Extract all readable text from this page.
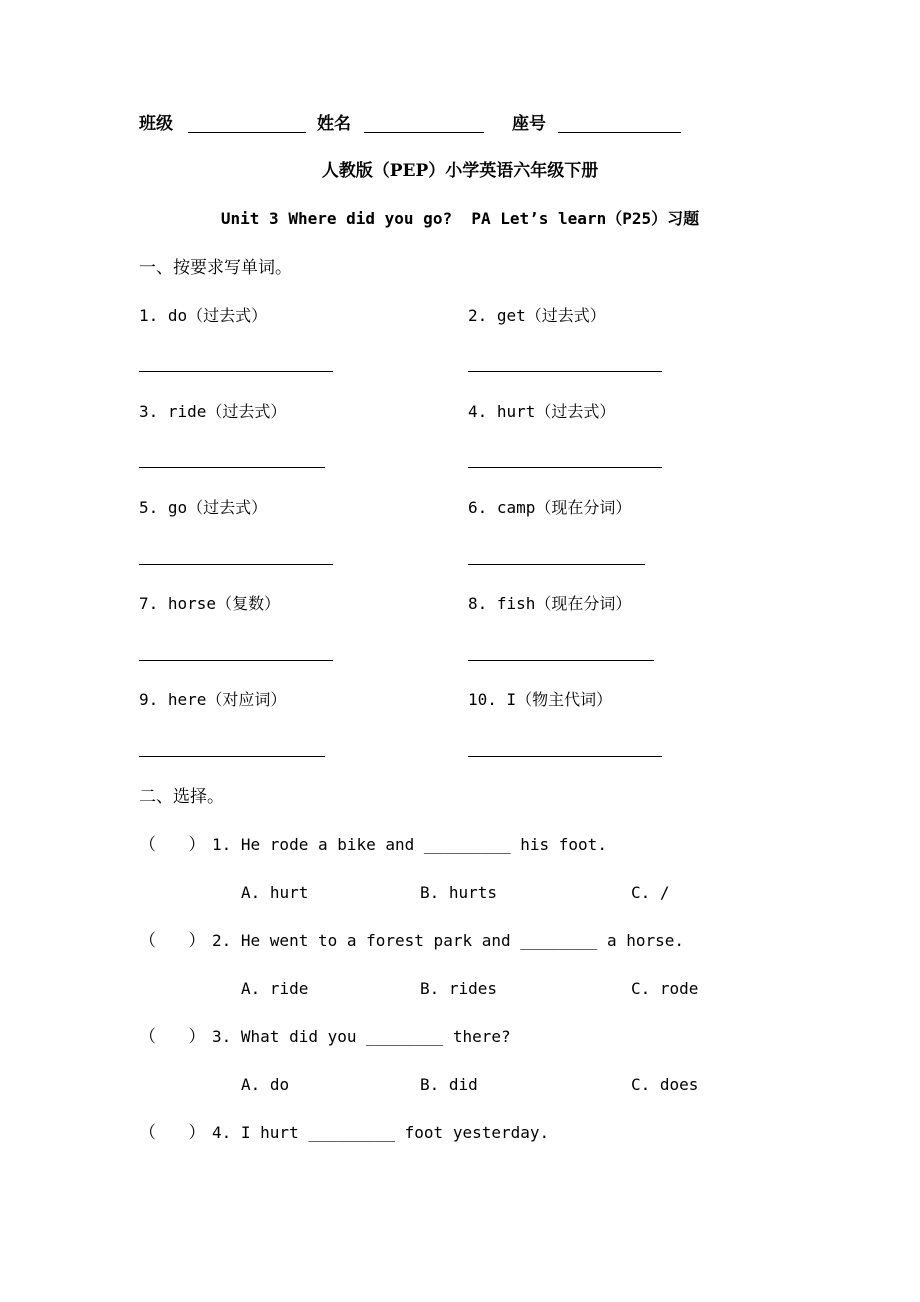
班级	姓名	座号
人教版（PEP）小学英语六年级下册
Unit 3 Where did you go?  PA Let’s learn（P25）习题
一、按要求写单词。
1. do（过去式）	2. get（过去式）
3. ride（过去式）	4. hurt（过去式）
5. go（过去式）	6. camp（现在分词）
7. horse（复数）	8. fish（现在分词）
9. here（对应词）	10. I（物主代词）
二、选择。
（      ） 1. He rode a bike and _________ his foot.
A. hurt	B. hurts	C. /
（      ） 2. He went to a forest park and ________ a horse.
A. ride	B. rides	C. rode
（      ） 3. What did you ________ there?
A. do	B. did	C. does
（      ） 4. I hurt _________ foot yesterday.
